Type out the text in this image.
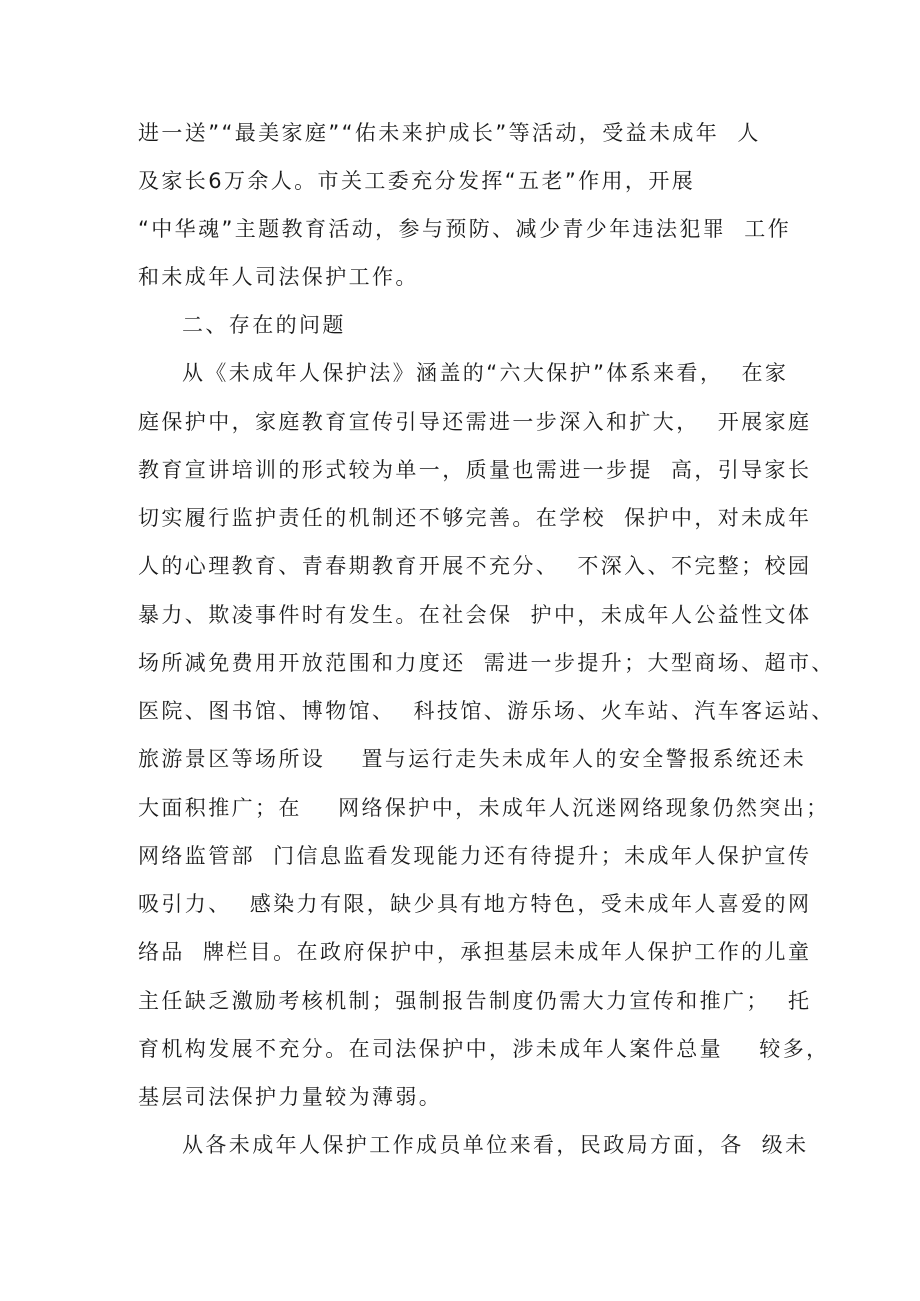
进一送”“最美家庭”“佑未来护成长”等活动，受益未成年  人
及家长6万余人。市关工委充分发挥“五老”作用，开展
“中华魂”主题教育活动，参与预防、减少青少年违法犯罪  工作
和未成年人司法保护工作。
二、存在的问题
从《未成年人保护法》涵盖的“六大保护”体系来看，  在家
庭保护中，家庭教育宣传引导还需进一步深入和扩大，  开展家庭
教育宣讲培训的形式较为单一，质量也需进一步提  高，引导家长
切实履行监护责任的机制还不够完善。在学校  保护中，对未成年
人的心理教育、青春期教育开展不充分、  不深入、不完整；校园
暴力、欺凌事件时有发生。在社会保  护中，未成年人公益性文体
场所减免费用开放范围和力度还  需进一步提升；大型商场、超市、
医院、图书馆、博物馆、  科技馆、游乐场、火车站、汽车客运站、
旅游景区等场所设    置与运行走失未成年人的安全警报系统还未
大面积推广；在    网络保护中，未成年人沉迷网络现象仍然突出；
网络监管部  门信息监看发现能力还有待提升；未成年人保护宣传
吸引力、  感染力有限，缺少具有地方特色，受未成年人喜爱的网
络品  牌栏目。在政府保护中，承担基层未成年人保护工作的儿童
主任缺乏激励考核机制；强制报告制度仍需大力宣传和推广；  托
育机构发展不充分。在司法保护中，涉未成年人案件总量    较多，
基层司法保护力量较为薄弱。
从各未成年人保护工作成员单位来看，民政局方面，各  级未
